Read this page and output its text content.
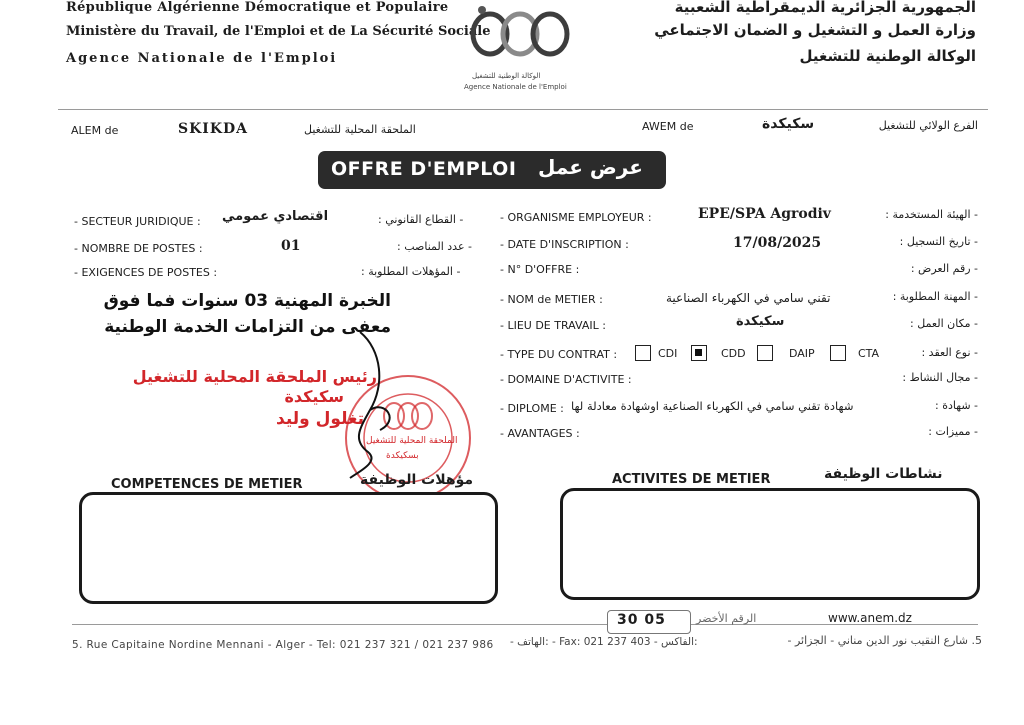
République Algérienne Démocratique et Populaire
Ministère du Travail, de l'Emploi et de La Sécurité Sociale
Agence Nationale de l'Emploi
الجمهورية الجزائرية الديمقراطية الشعبية
وزارة العمل و التشغيل و الضمان الاجتماعي
الوكالة الوطنية للتشغيل
الوكالة الوطنية للتشغيل
Agence Nationale de l'Emploi
ALEM de	SKIKDA	الملحقة المحلية للتشغيل	AWEM de	سكيكدة	الفرع الولائي للتشغيل
OFFRE D'EMPLOI عرض عمل
- SECTEUR JURIDIQUE : اقتصادي عمومي	- القطاع القانوني :
- NOMBRE DE POSTES :	01	- عدد المناصب :
- EXIGENCES DE POSTES :	- المؤهلات المطلوبة :
الخبرة المهنية 03 سنوات فما فوق
معفى من التزامات الخدمة الوطنية
رئيس الملحقة المحلية للتشغيل
سكيكدة
تغلول وليد
الملحقة المحلية للتشغيل
بسكيكدة
- ORGANISME EMPLOYEUR :	EPE/SPA Agrodiv	- الهيئة المستخدمة :
- DATE D'INSCRIPTION :	17/08/2025	- تاريخ التسجيل :
- N° D'OFFRE :	- رقم العرض :
- NOM de METIER :	تقني سامي في الكهرباء الصناعية	- المهنة المطلوبة :
- LIEU DE TRAVAIL :	سكيكدة	- مكان العمل :
- TYPE DU CONTRAT :	CDI	CDD	DAIP	CTA	- نوع العقد :
- DOMAINE D'ACTIVITE :	- مجال النشاط :
- DIPLOME : شهادة تقني سامي في الكهرباء الصناعية اوشهادة معادلة لها	- شهادة :
- AVANTAGES :	- مميزات :
COMPETENCES DE METIER	مؤهلات الوظيفة	ACTIVITES DE METIER	نشاطات الوظيفة
30 05	الرقم الأخضر	www.anem.dz
5. Rue Capitaine Nordine Mennani - Alger - Tel: 021 237 321 / 021 237 986 - الهاتف: - Fax: 021 237 403 - الفاكس:	5. شارع النقيب نور الدين مناني - الجزائر -
